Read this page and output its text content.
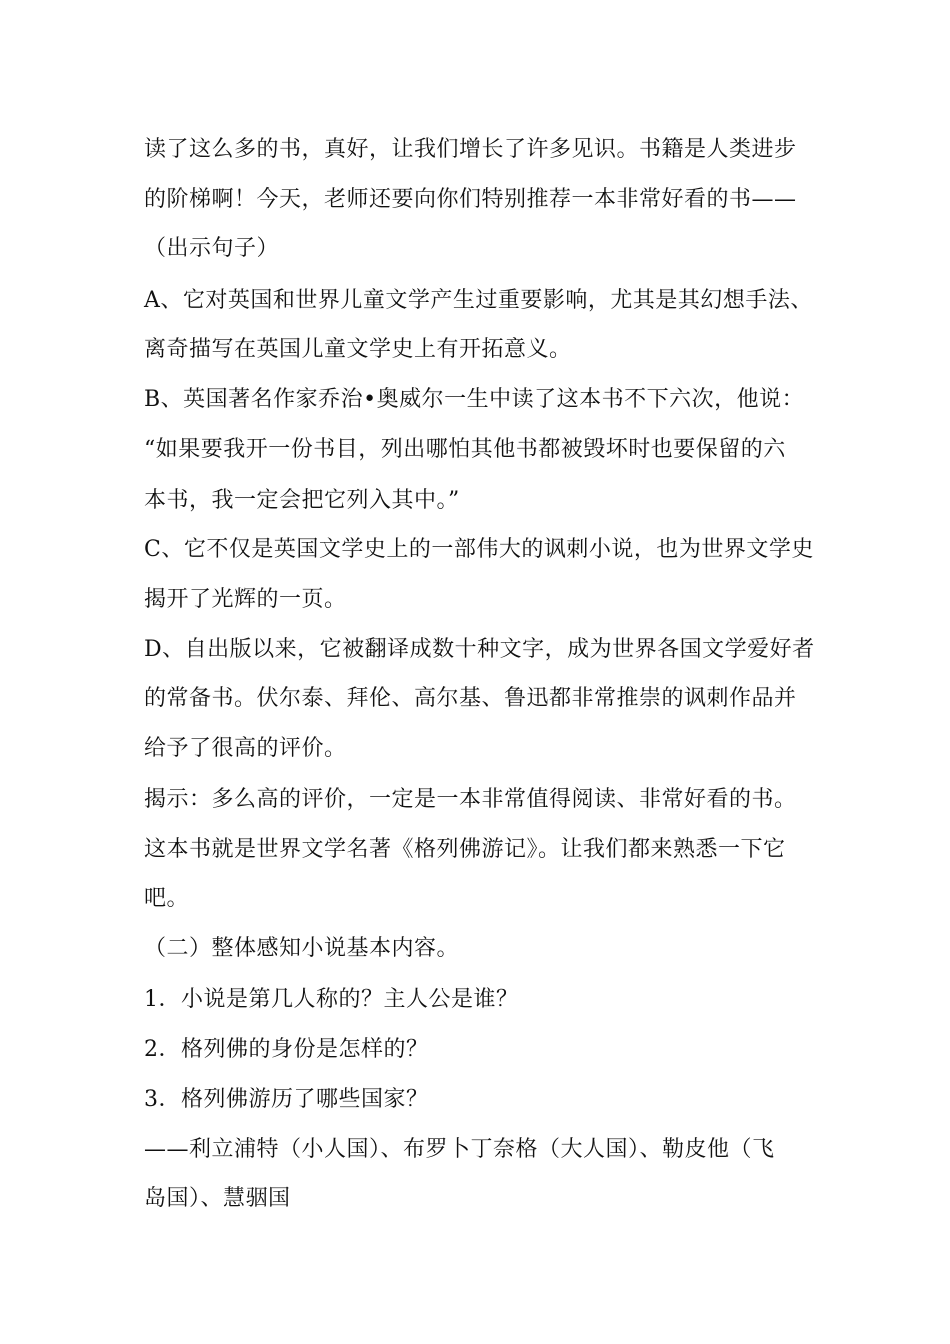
读了这么多的书，真好，让我们增长了许多见识。书籍是人类进步
的阶梯啊！今天，老师还要向你们特别推荐一本非常好看的书——
（出示句子）
A、它对英国和世界儿童文学产生过重要影响，尤其是其幻想手法、
离奇描写在英国儿童文学史上有开拓意义。
B、英国著名作家乔治•奥威尔一生中读了这本书不下六次，他说：
“如果要我开一份书目，列出哪怕其他书都被毁坏时也要保留的六
本书，我一定会把它列入其中。”
C、它不仅是英国文学史上的一部伟大的讽刺小说，也为世界文学史
揭开了光辉的一页。
D、自出版以来，它被翻译成数十种文字，成为世界各国文学爱好者
的常备书。伏尔泰、拜伦、高尔基、鲁迅都非常推崇的讽刺作品并
给予了很高的评价。
揭示：多么高的评价，一定是一本非常值得阅读、非常好看的书。
这本书就是世界文学名著《格列佛游记》。让我们都来熟悉一下它
吧。
（二）整体感知小说基本内容。
1．小说是第几人称的？主人公是谁？
2．格列佛的身份是怎样的？
3．格列佛游历了哪些国家？
——利立浦特（小人国）、布罗卜丁奈格（大人国）、勒皮他（飞
岛国）、慧骃国
